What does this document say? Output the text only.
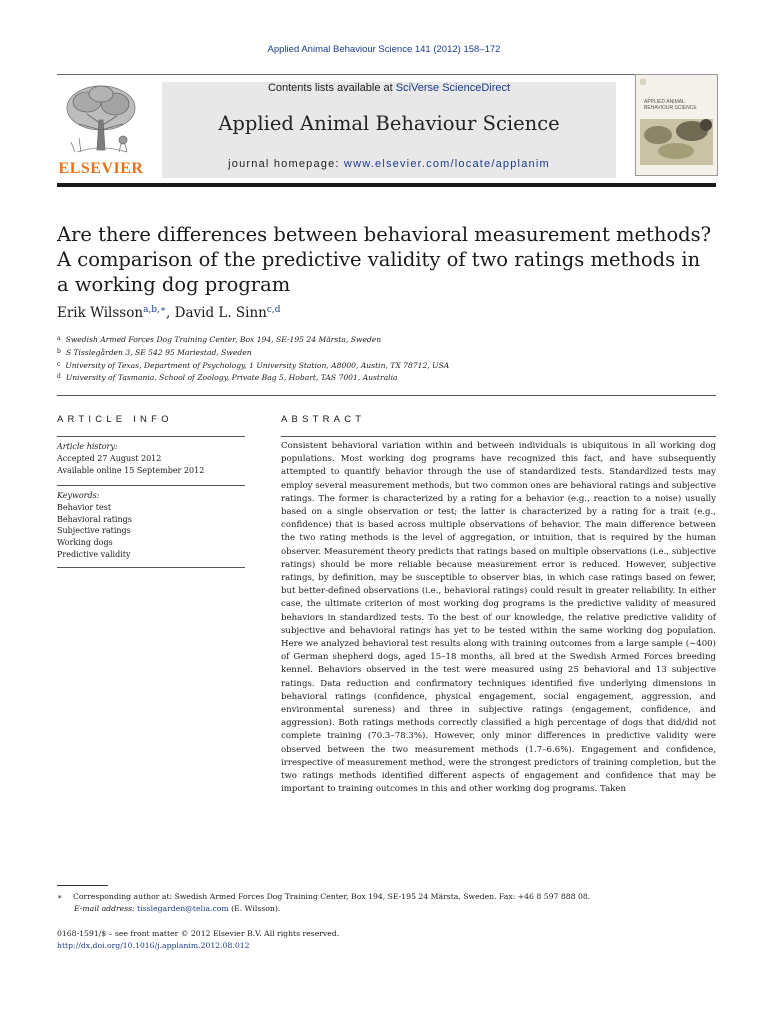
Applied Animal Behaviour Science 141 (2012) 158–172
ELSEVIER
Contents lists available at SciVerse ScienceDirect
Applied Animal Behaviour Science
journal homepage: www.elsevier.com/locate/applanim
APPLIED ANIMAL BEHAVIOUR SCIENCE
Are there differences between behavioral measurement methods? A comparison of the predictive validity of two ratings methods in a working dog program
Erik Wilsson$^{a,b,∗}$, David L. Sinn$^{c,d}$
$^a$ Swedish Armed Forces Dog Training Center, Box 194, SE-195 24 Märsta, Sweden
$^b$ S Tisslegården 3, SE 542 95 Mariestad, Sweden
$^c$ University of Texas, Department of Psychology, 1 University Station, A8000, Austin, TX 78712, USA
$^d$ University of Tasmania, School of Zoology, Private Bag 5, Hobart, TAS 7001, Australia
ARTICLE INFO
Article history:
Accepted 27 August 2012
Available online 15 September 2012
Keywords:
Behavior test
Behavioral ratings
Subjective ratings
Working dogs
Predictive validity
ABSTRACT

Consistent behavioral variation within and between individuals is ubiquitous in all working dog populations. Most working dog programs have recognized this fact, and have subsequently attempted to quantify behavior through the use of standardized tests. Standardized tests may employ several measurement methods, but two common ones are behavioral ratings and subjective ratings. The former is characterized by a rating for a behavior (e.g., reaction to a noise) usually based on a single observation or test; the latter is characterized by a rating for a trait (e.g., confidence) that is based across multiple observations of behavior. The main difference between the two rating methods is the level of aggregation, or intuition, that is required by the human observer. Measurement theory predicts that ratings based on multiple observations (i.e., subjective ratings) should be more reliable because measurement error is reduced. However, subjective ratings, by definition, may be susceptible to observer bias, in which case ratings based on fewer, but better-defined observations (i.e., behavioral ratings) could result in greater reliability. In either case, the ultimate criterion of most working dog programs is the predictive validity of measured behaviors in standardized tests. To the best of our knowledge, the relative predictive validity of subjective and behavioral ratings has yet to be tested within the same working dog population. Here we analyzed behavioral test results along with training outcomes from a large sample (∼400) of German shepherd dogs, aged 15–18 months, all bred at the Swedish Armed Forces breeding kennel. Behaviors observed in the test were measured using 25 behavioral and 13 subjective ratings. Data reduction and confirmatory techniques identified five underlying dimensions in behavioral ratings (confidence, physical engagement, social engagement, aggression, and environmental sureness) and three in subjective ratings (engagement, confidence, and aggression). Both ratings methods correctly classified a high percentage of dogs that did/did not complete training (70.3–78.3%). However, only minor differences in predictive validity were observed between the two measurement methods (1.7–6.6%). Engagement and confidence, irrespective of measurement method, were the strongest predictors of training completion, but the two ratings methods identified different aspects of engagement and confidence that may be important to training outcomes in this and other working dog programs. Taken

∗ Corresponding author at: Swedish Armed Forces Dog Training Center, Box 194, SE-195 24 Märsta, Sweden. Fax: +46 8 597 888 08.
E-mail address: tisslegarden@telia.com (E. Wilsson).
0168-1591/$ – see front matter © 2012 Elsevier B.V. All rights reserved.
http://dx.doi.org/10.1016/j.applanim.2012.08.012
